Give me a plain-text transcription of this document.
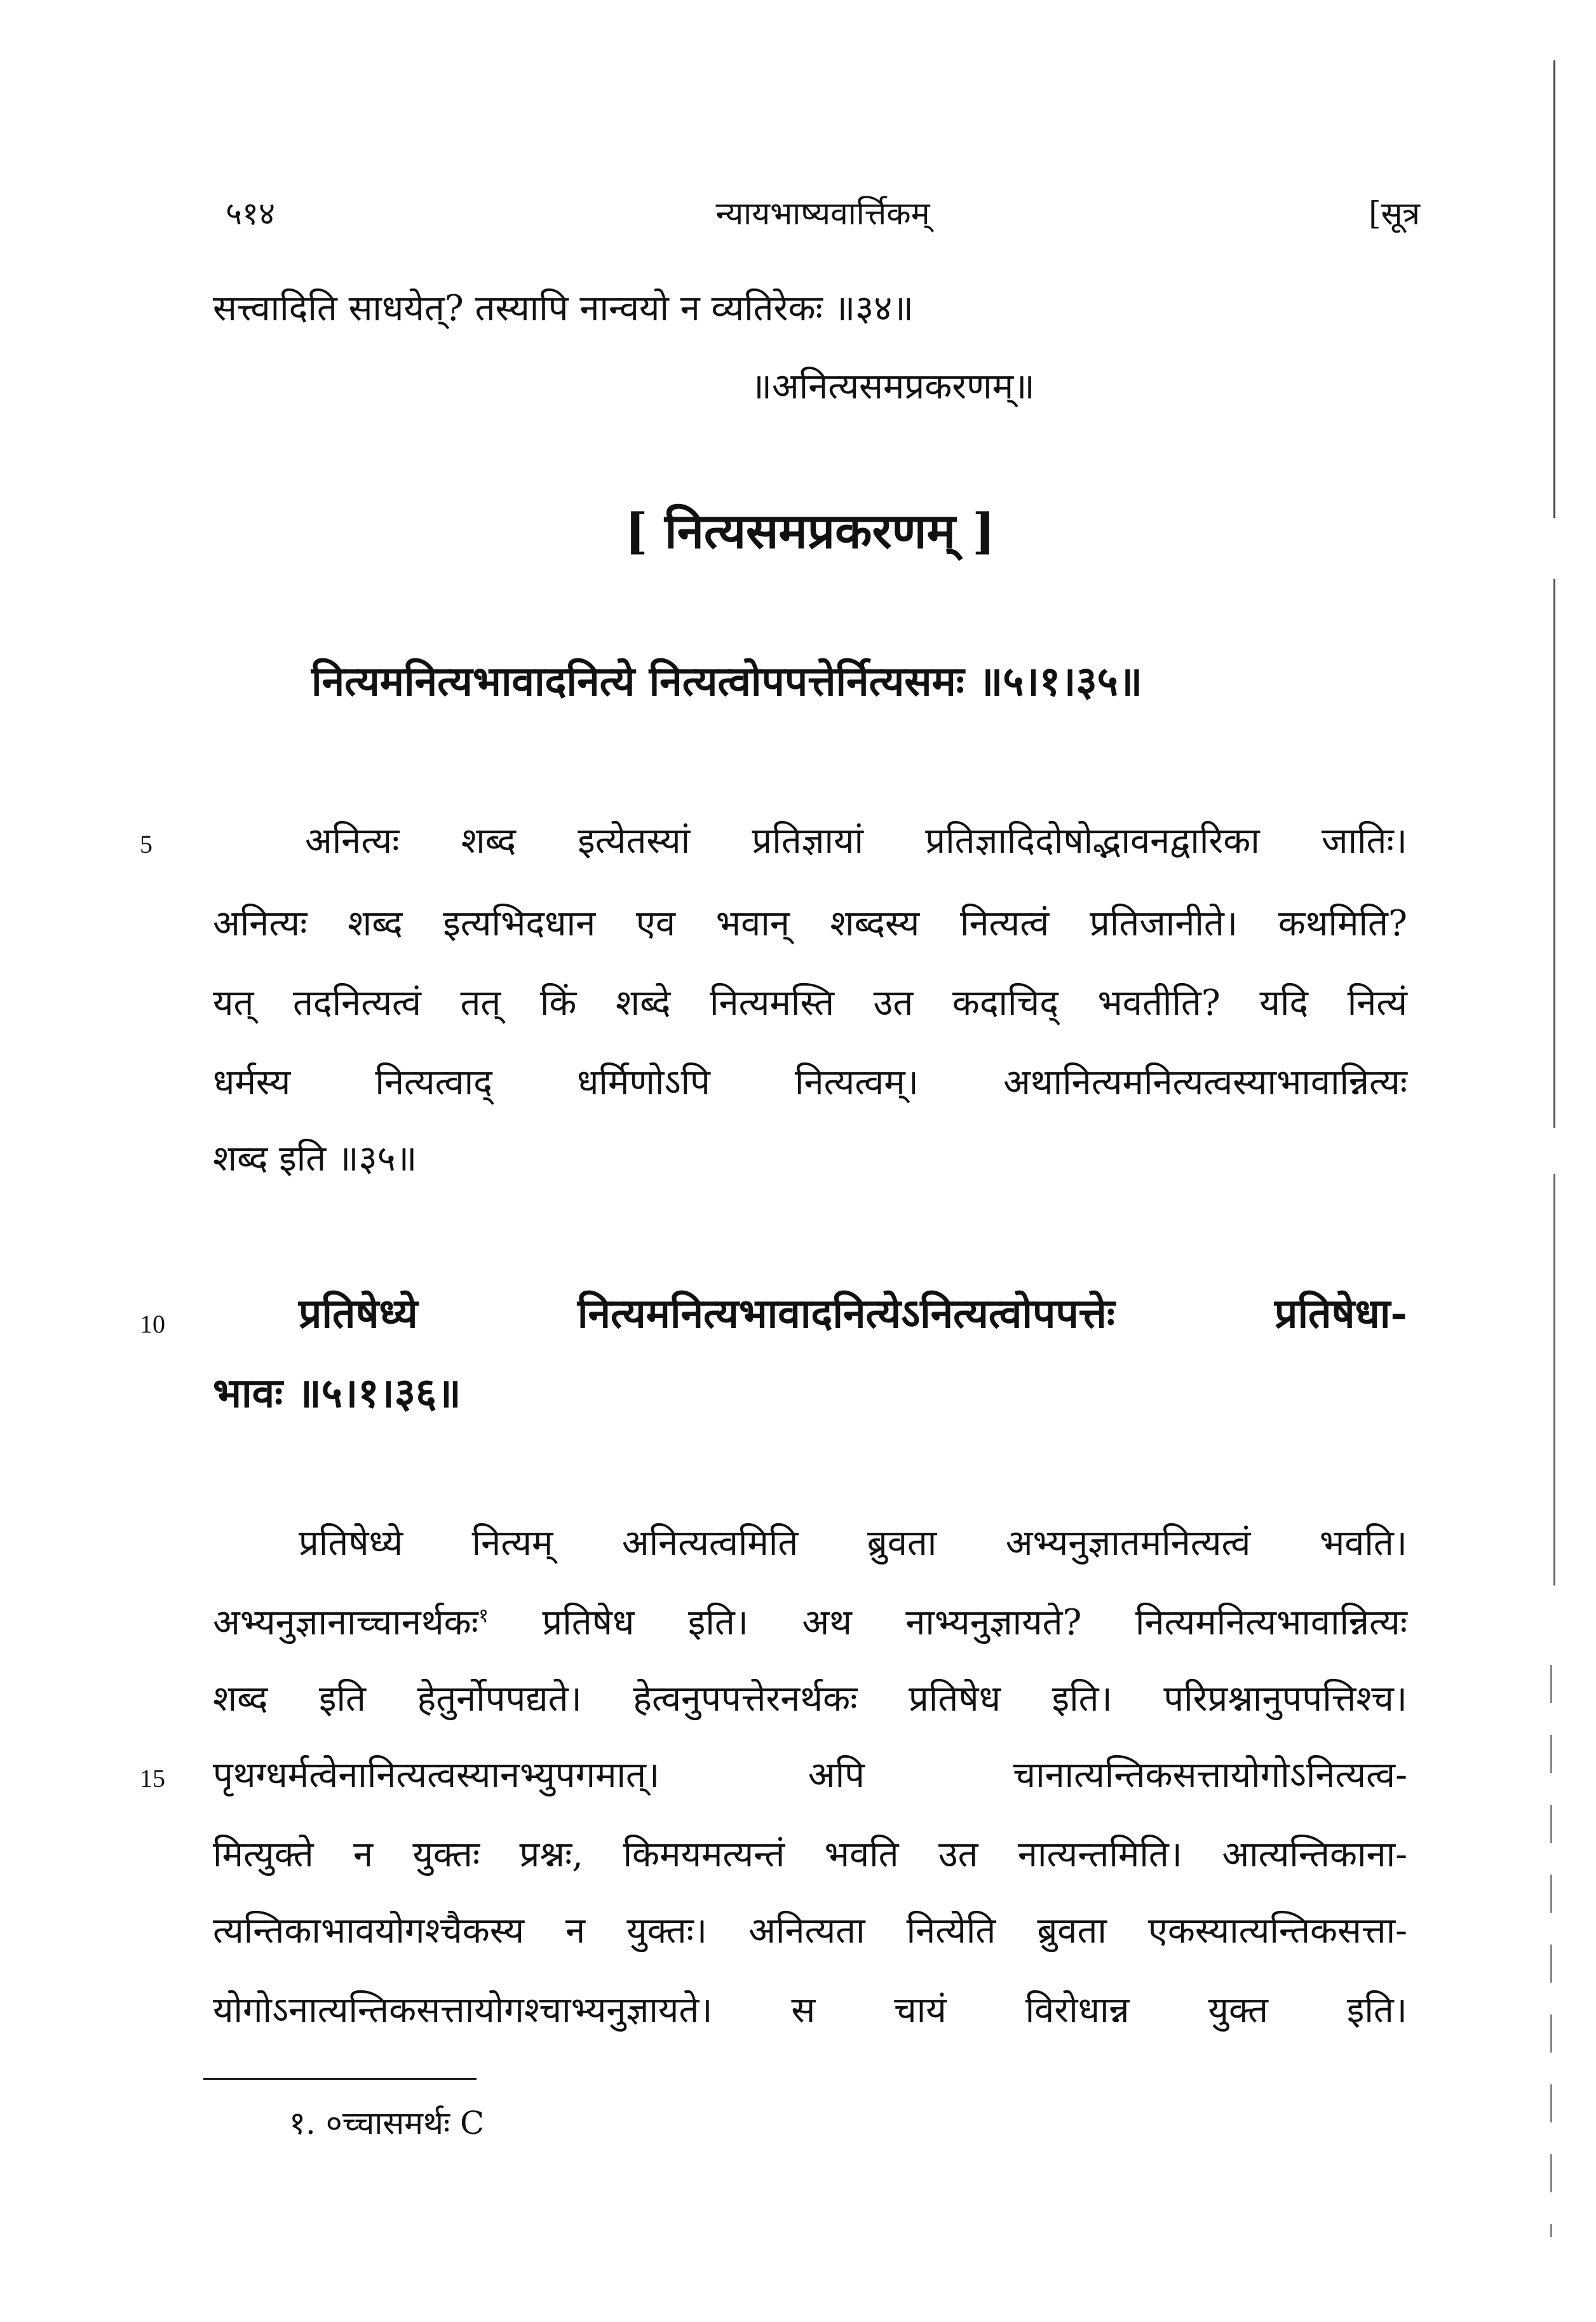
५१४	न्यायभाष्यवार्त्तिकम्	[सूत्र
सत्त्वादिति साधयेत्? तस्यापि नान्वयो न व्यतिरेकः ॥३४॥
॥अनित्यसमप्रकरणम्॥
[ नित्यसमप्रकरणम् ]
नित्यमनित्यभावादनित्ये नित्यत्वोपपत्तेर्नित्यसमः ॥५।१।३५॥
5	अनित्यः शब्द इत्येतस्यां प्रतिज्ञायां प्रतिज्ञादिदोषोद्भावनद्वारिका जातिः।
अनित्यः शब्द इत्यभिदधान एव भवान् शब्दस्य नित्यत्वं प्रतिजानीते। कथमिति?
यत् तदनित्यत्वं तत् किं शब्दे नित्यमस्ति उत कदाचिद् भवतीति? यदि नित्यं
धर्मस्य नित्यत्वाद् धर्मिणोऽपि नित्यत्वम्। अथानित्यमनित्यत्वस्याभावान्नित्यः
शब्द इति ॥३५॥
10	प्रतिषेध्ये नित्यमनित्यभावादनित्येऽनित्यत्वोपपत्तेः प्रतिषेधा-
भावः ॥५।१।३६॥
प्रतिषेध्ये नित्यम् अनित्यत्वमिति ब्रुवता अभ्यनुज्ञातमनित्यत्वं भवति।
अभ्यनुज्ञानाच्चानर्थकः$^१$ प्रतिषेध इति। अथ नाभ्यनुज्ञायते? नित्यमनित्यभावान्नित्यः
शब्द इति हेतुर्नोपपद्यते। हेत्वनुपपत्तेरनर्थकः प्रतिषेध इति। परिप्रश्नानुपपत्तिश्च।
15 पृथग्धर्मत्वेनानित्यत्वस्यानभ्युपगमात्। अपि चानात्यन्तिकसत्तायोगोऽनित्यत्व-
मित्युक्ते न युक्तः प्रश्नः, किमयमत्यन्तं भवति उत नात्यन्तमिति। आत्यन्तिकाना-
त्यन्तिकाभावयोगश्चैकस्य न युक्तः। अनित्यता नित्येति ब्रुवता एकस्यात्यन्तिकसत्ता-
योगोऽनात्यन्तिकसत्तायोगश्चाभ्यनुज्ञायते। स चायं विरोधान्न युक्त इति।
१. ०च्चासमर्थः C
